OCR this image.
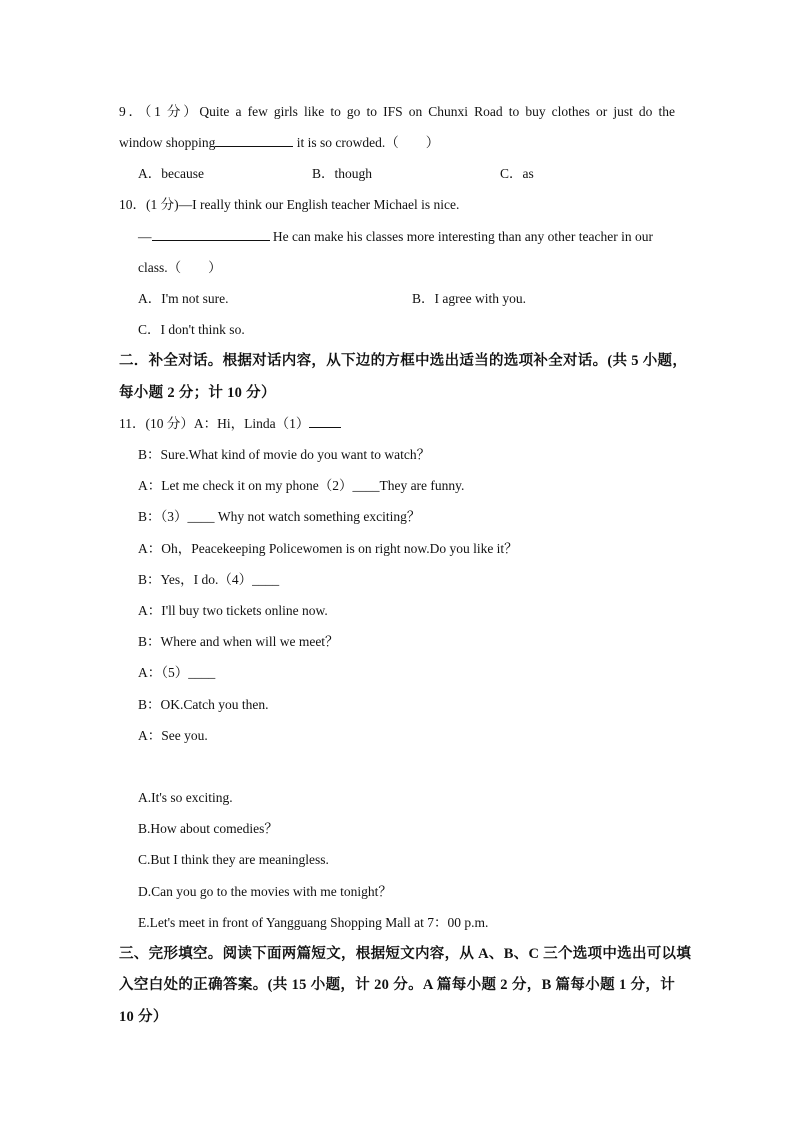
9．（1 分）Quite a few girls like to go to IFS on Chunxi Road to buy clothes or just do the
window shopping	it is so crowded.（　　）
A．because	B．though	C．as
10．(1 分)—I really think our English teacher Michael is nice.
—	He can make his classes more interesting than any other teacher in our
class.（　　）
A．I'm not sure.	B．I agree with you.
C．I don't think so.
二．补全对话。根据对话内容，从下边的方框中选出适当的选项补全对话。(共 5 小题，
每小题 2 分；计 10 分）
11．(10 分）A：Hi，Linda（1）
B：Sure.What kind of movie do you want to watch？
A：Let me check it on my phone（2）____They are funny.
B：（3）____ Why not watch something exciting？
A：Oh，Peacekeeping Policewomen is on right now.Do you like it？
B：Yes，I do.（4）____
A：I'll buy two tickets online now.
B：Where and when will we meet？
A：（5）____
B：OK.Catch you then.
A：See you.
A.It's so exciting.
B.How about comedies？
C.But I think they are meaningless.
D.Can you go to the movies with me tonight？
E.Let's meet in front of Yangguang Shopping Mall at 7：00 p.m.
三、完形填空。阅读下面两篇短文，根据短文内容，从 A、B、C 三个选项中选出可以填
入空白处的正确答案。(共 15 小题，计 20 分。A 篇每小题 2 分，B 篇每小题 1 分，计
10 分）
